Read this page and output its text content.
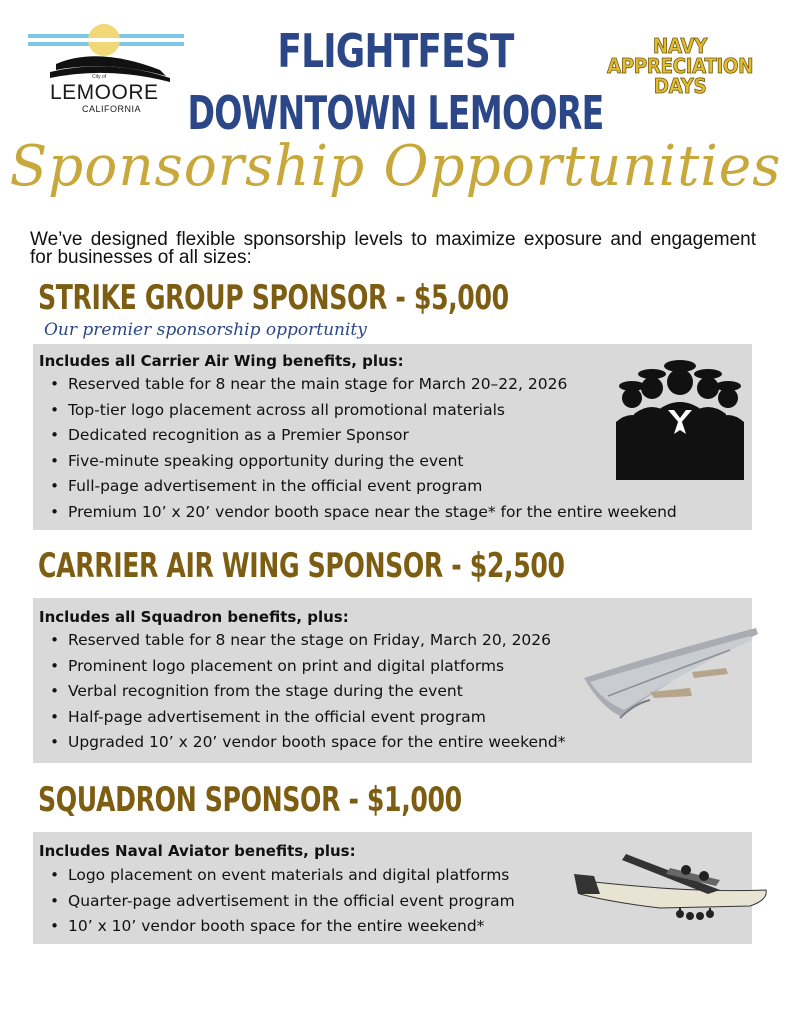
City of
LEMOORE
CALIFORNIA
FLIGHTFEST
DOWNTOWN LEMOORE
NAVY
APPRECIATION
DAYS
Sponsorship Opportunities
We’ve designed flexible sponsorship levels to maximize exposure and engagement for businesses of all sizes:
STRIKE GROUP SPONSOR - $5,000
Our premier sponsorship opportunity
Includes all Carrier Air Wing benefits, plus:
• Reserved table for 8 near the main stage for March 20–22, 2026
• Top-tier logo placement across all promotional materials
• Dedicated recognition as a Premier Sponsor
• Five-minute speaking opportunity during the event
• Full-page advertisement in the official event program
• Premium 10’ x 20’ vendor booth space near the stage* for the entire weekend
CARRIER AIR WING SPONSOR - $2,500
Includes all Squadron benefits, plus:
• Reserved table for 8 near the stage on Friday, March 20, 2026
• Prominent logo placement on print and digital platforms
• Verbal recognition from the stage during the event
• Half-page advertisement in the official event program
• Upgraded 10’ x 20’ vendor booth space for the entire weekend*
SQUADRON SPONSOR - $1,000
Includes Naval Aviator benefits, plus:
• Logo placement on event materials and digital platforms
• Quarter-page advertisement in the official event program
• 10’ x 10’ vendor booth space for the entire weekend*
